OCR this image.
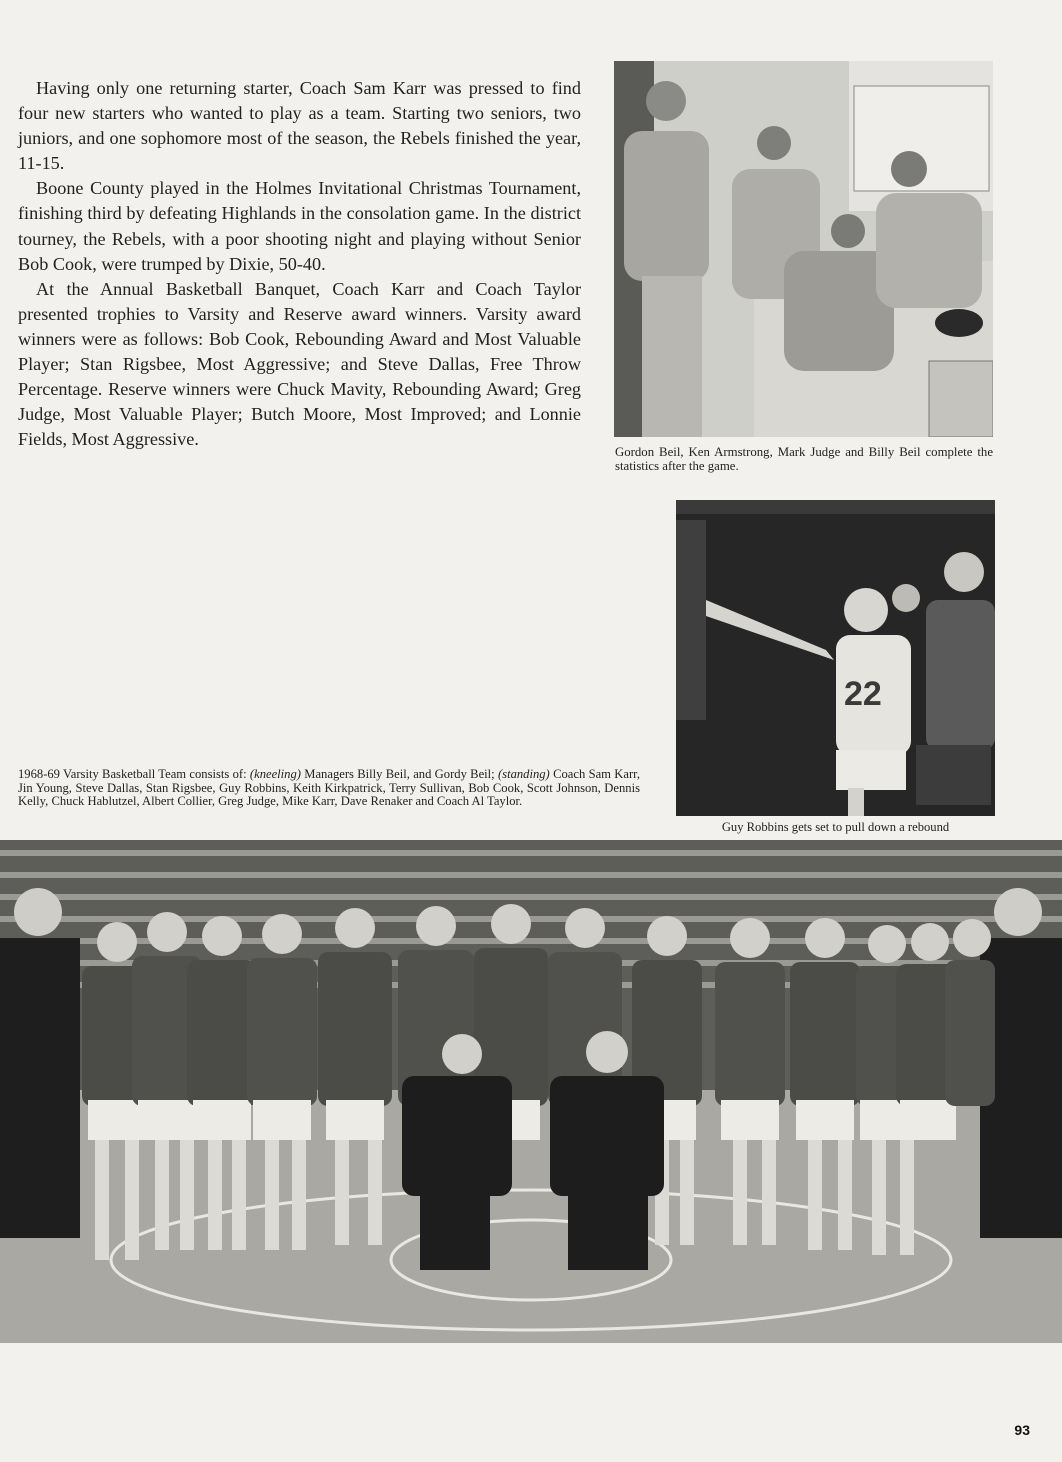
Having only one returning starter, Coach Sam Karr was pressed to find four new starters who wanted to play as a team. Starting two seniors, two juniors, and one sophomore most of the season, the Rebels finished the year, 11-15.

Boone County played in the Holmes Invitational Christmas Tournament, finishing third by defeating Highlands in the consolation game. In the district tourney, the Rebels, with a poor shooting night and playing without Senior Bob Cook, were trumped by Dixie, 50-40.

At the Annual Basketball Banquet, Coach Karr and Coach Taylor presented trophies to Varsity and Reserve award winners. Varsity award winners were as follows: Bob Cook, Rebounding Award and Most Valuable Player; Stan Rigsbee, Most Aggressive; and Steve Dallas, Free Throw Percentage. Reserve winners were Chuck Mavity, Rebounding Award; Greg Judge, Most Valuable Player; Butch Moore, Most Improved; and Lonnie Fields, Most Aggressive.

Gordon Beil, Ken Armstrong, Mark Judge and Billy Beil complete the statistics after the game.
22
Guy Robbins gets set to pull down a rebound
1968-69 Varsity Basketball Team consists of: (kneeling) Managers Billy Beil, and Gordy Beil; (standing) Coach Sam Karr, Jin Young, Steve Dallas, Stan Rigsbee, Guy Robbins, Keith Kirkpatrick, Terry Sullivan, Bob Cook, Scott Johnson, Dennis Kelly, Chuck Hablutzel, Albert Collier, Greg Judge, Mike Karr, Dave Renaker and Coach Al Taylor.
93
